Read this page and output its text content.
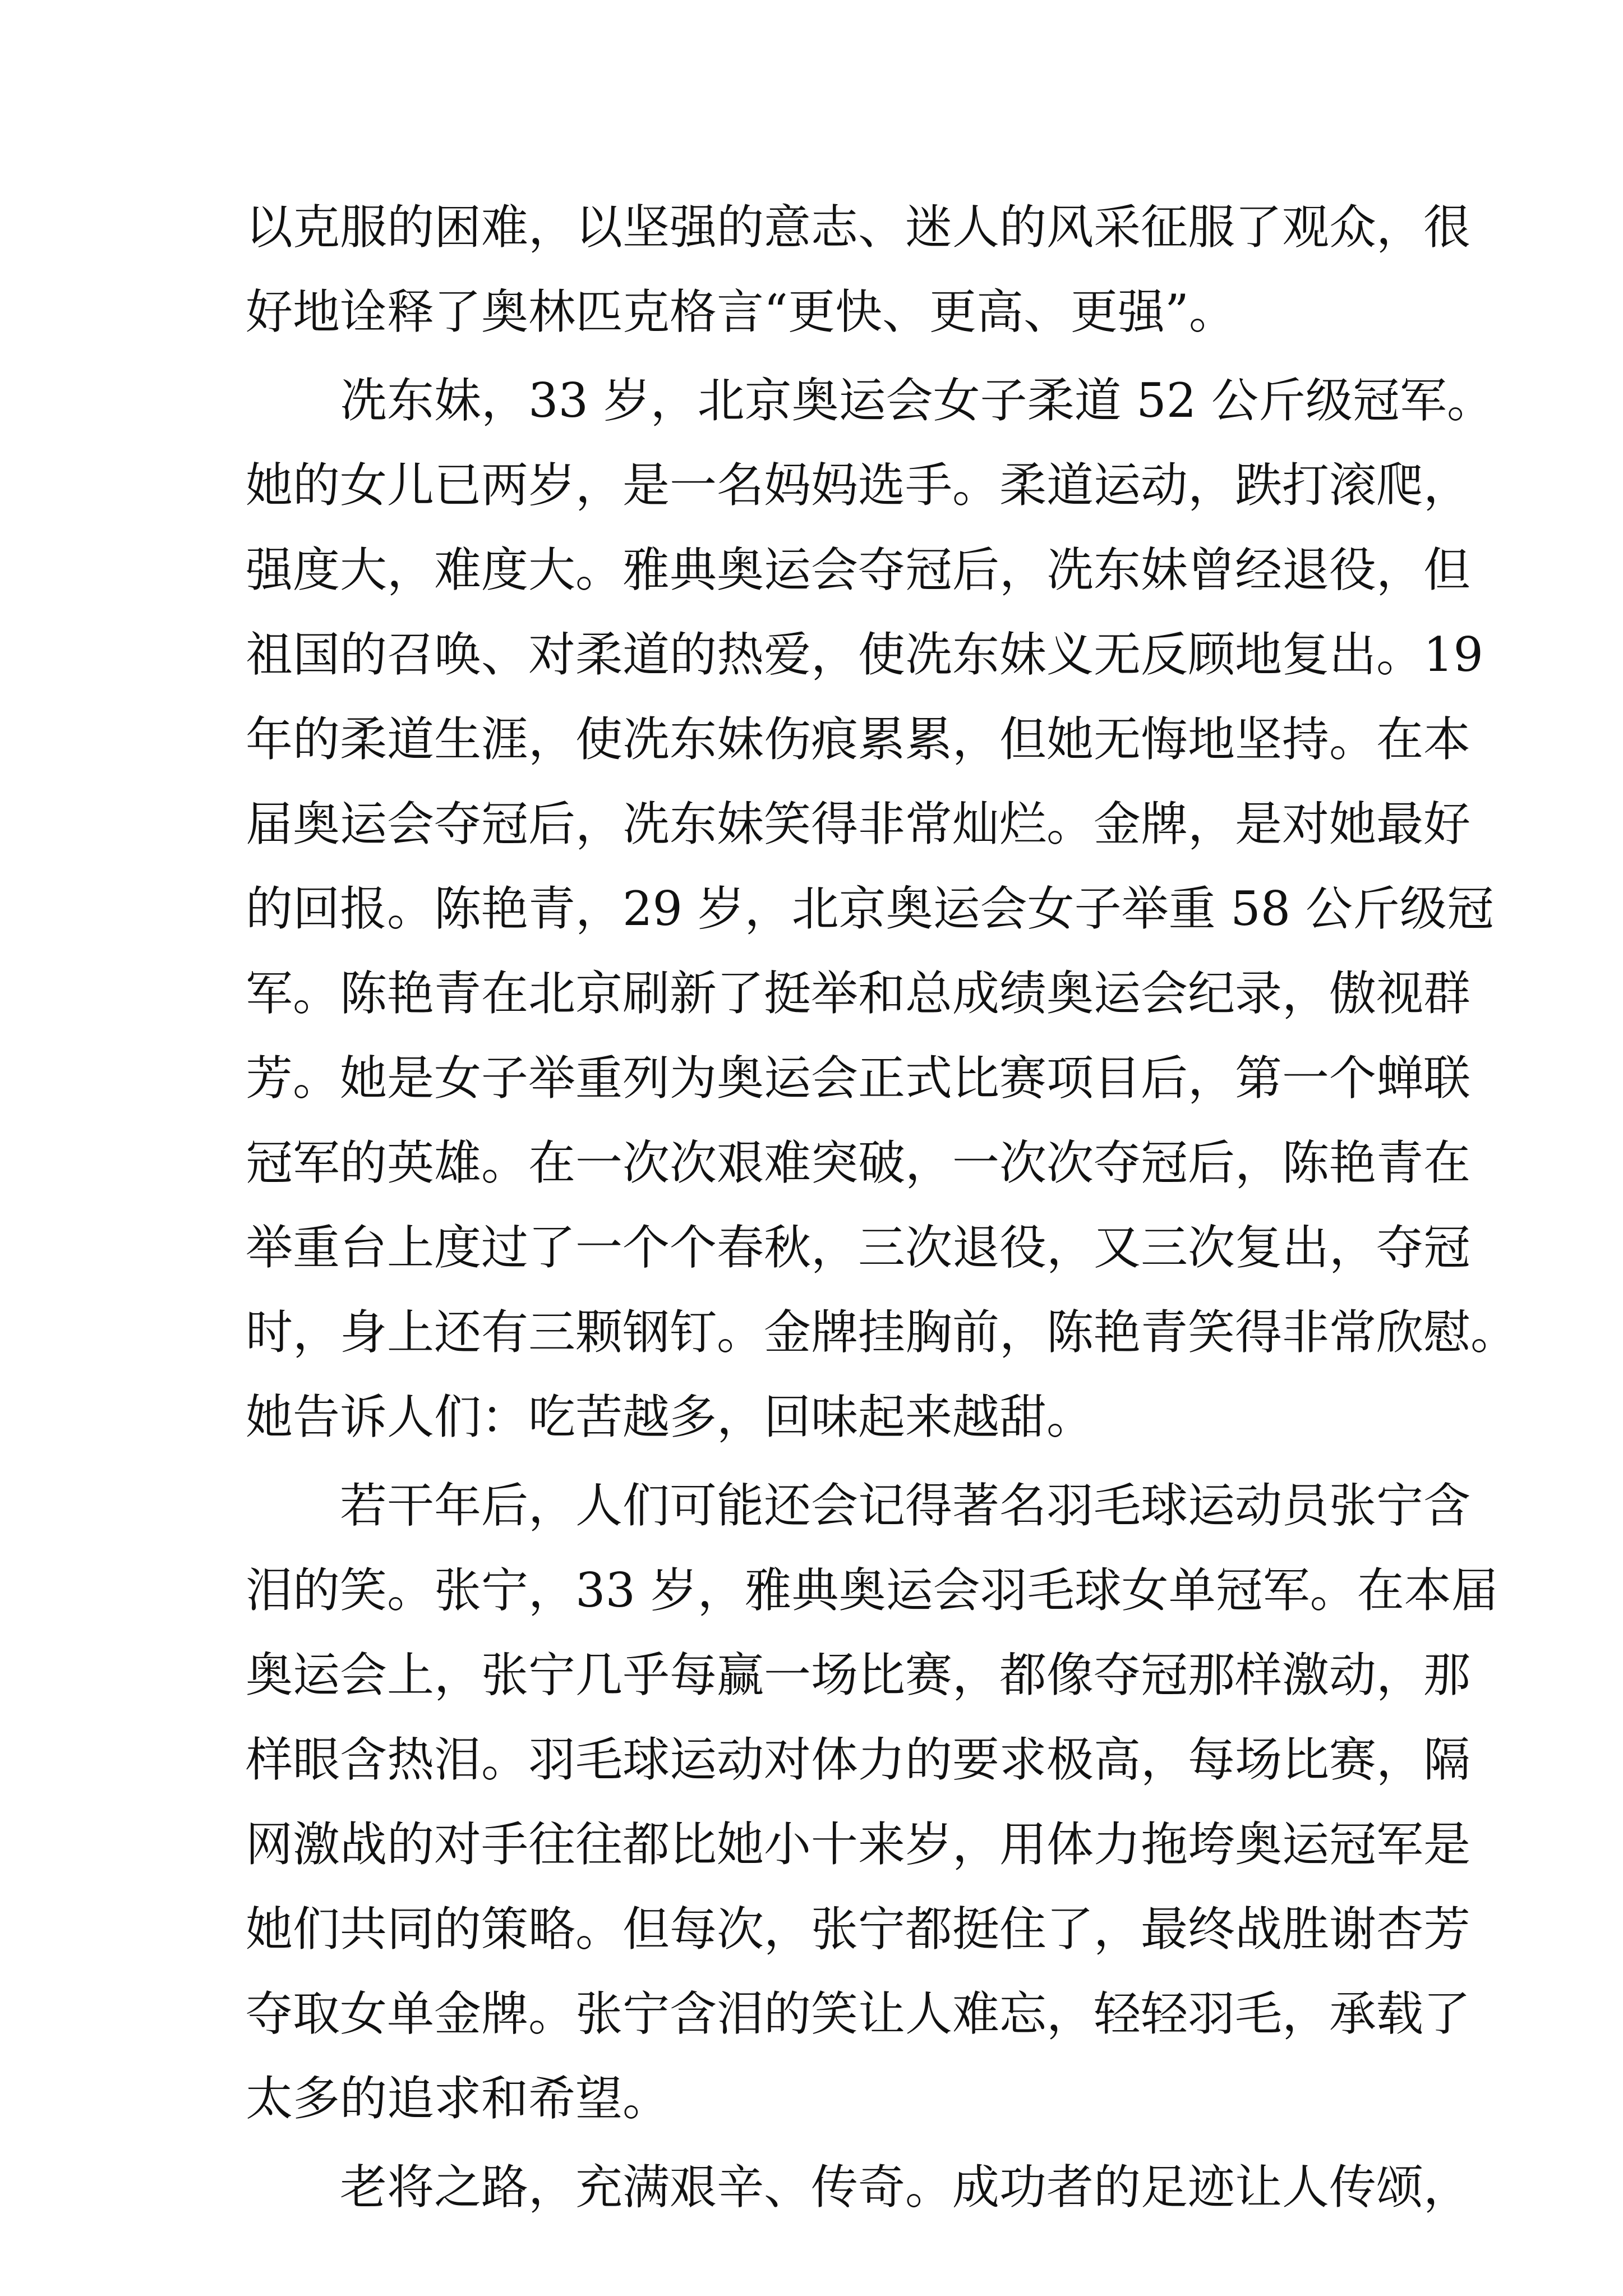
以克服的困难，以坚强的意志、迷人的风采征服了观众，很
好地诠释了奥林匹克格言“更快、更高、更强”。
　　冼东妹，33 岁，北京奥运会女子柔道 52 公斤级冠军。
她的女儿已两岁，是一名妈妈选手。柔道运动，跌打滚爬，
强度大，难度大。雅典奥运会夺冠后，冼东妹曾经退役，但
祖国的召唤、对柔道的热爱，使冼东妹义无反顾地复出。19
年的柔道生涯，使冼东妹伤痕累累，但她无悔地坚持。在本
届奥运会夺冠后，冼东妹笑得非常灿烂。金牌，是对她最好
的回报。陈艳青，29 岁，北京奥运会女子举重 58 公斤级冠
军。陈艳青在北京刷新了挺举和总成绩奥运会纪录，傲视群
芳。她是女子举重列为奥运会正式比赛项目后，第一个蝉联
冠军的英雄。在一次次艰难突破，一次次夺冠后，陈艳青在
举重台上度过了一个个春秋，三次退役，又三次复出，夺冠
时，身上还有三颗钢钉。金牌挂胸前，陈艳青笑得非常欣慰。
她告诉人们：吃苦越多，回味起来越甜。
　　若干年后，人们可能还会记得著名羽毛球运动员张宁含
泪的笑。张宁，33 岁，雅典奥运会羽毛球女单冠军。在本届
奥运会上，张宁几乎每赢一场比赛，都像夺冠那样激动，那
样眼含热泪。羽毛球运动对体力的要求极高，每场比赛，隔
网激战的对手往往都比她小十来岁，用体力拖垮奥运冠军是
她们共同的策略。但每次，张宁都挺住了，最终战胜谢杏芳
夺取女单金牌。张宁含泪的笑让人难忘，轻轻羽毛，承载了
太多的追求和希望。
　　老将之路，充满艰辛、传奇。成功者的足迹让人传颂，
